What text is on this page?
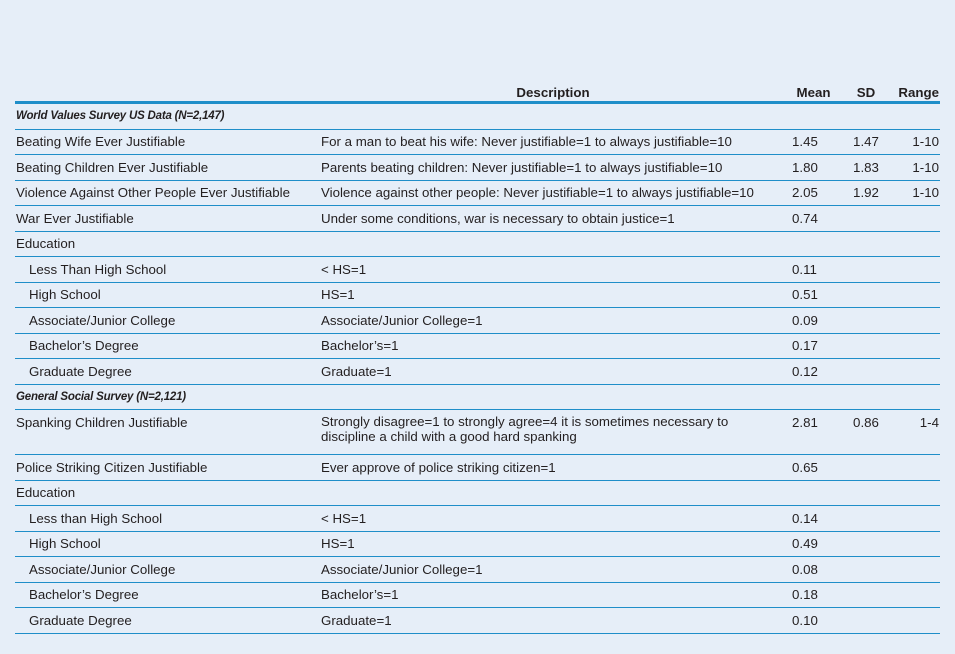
	Description	Mean	SD	Range
World Values Survey US Data (N=2,147)				
Beating Wife Ever Justifiable	For a man to beat his wife: Never justifiable=1 to always justifiable=10	1.45	1.47	1-10
Beating Children Ever Justifiable	Parents beating children: Never justifiable=1 to always justifiable=10	1.80	1.83	1-10
Violence Against Other People Ever Justifiable	Violence against other people: Never justifiable=1 to always justifiable=10	2.05	1.92	1-10
War Ever Justifiable	Under some conditions, war is necessary to obtain justice=1	0.74		
Education				
Less Than High School	< HS=1	0.11		
High School	HS=1	0.51		
Associate/Junior College	Associate/Junior College=1	0.09		
Bachelor’s Degree	Bachelor’s=1	0.17		
Graduate Degree	Graduate=1	0.12		
General Social Survey (N=2,121)				
Spanking Children Justifiable	Strongly disagree=1 to strongly agree=4 it is sometimes necessary to discipline a child with a good hard spanking	2.81	0.86	1-4
Police Striking Citizen Justifiable	Ever approve of police striking citizen=1	0.65		
Education				
Less than High School	< HS=1	0.14		
High School	HS=1	0.49		
Associate/Junior College	Associate/Junior College=1	0.08		
Bachelor’s Degree	Bachelor’s=1	0.18		
Graduate Degree	Graduate=1	0.10		
